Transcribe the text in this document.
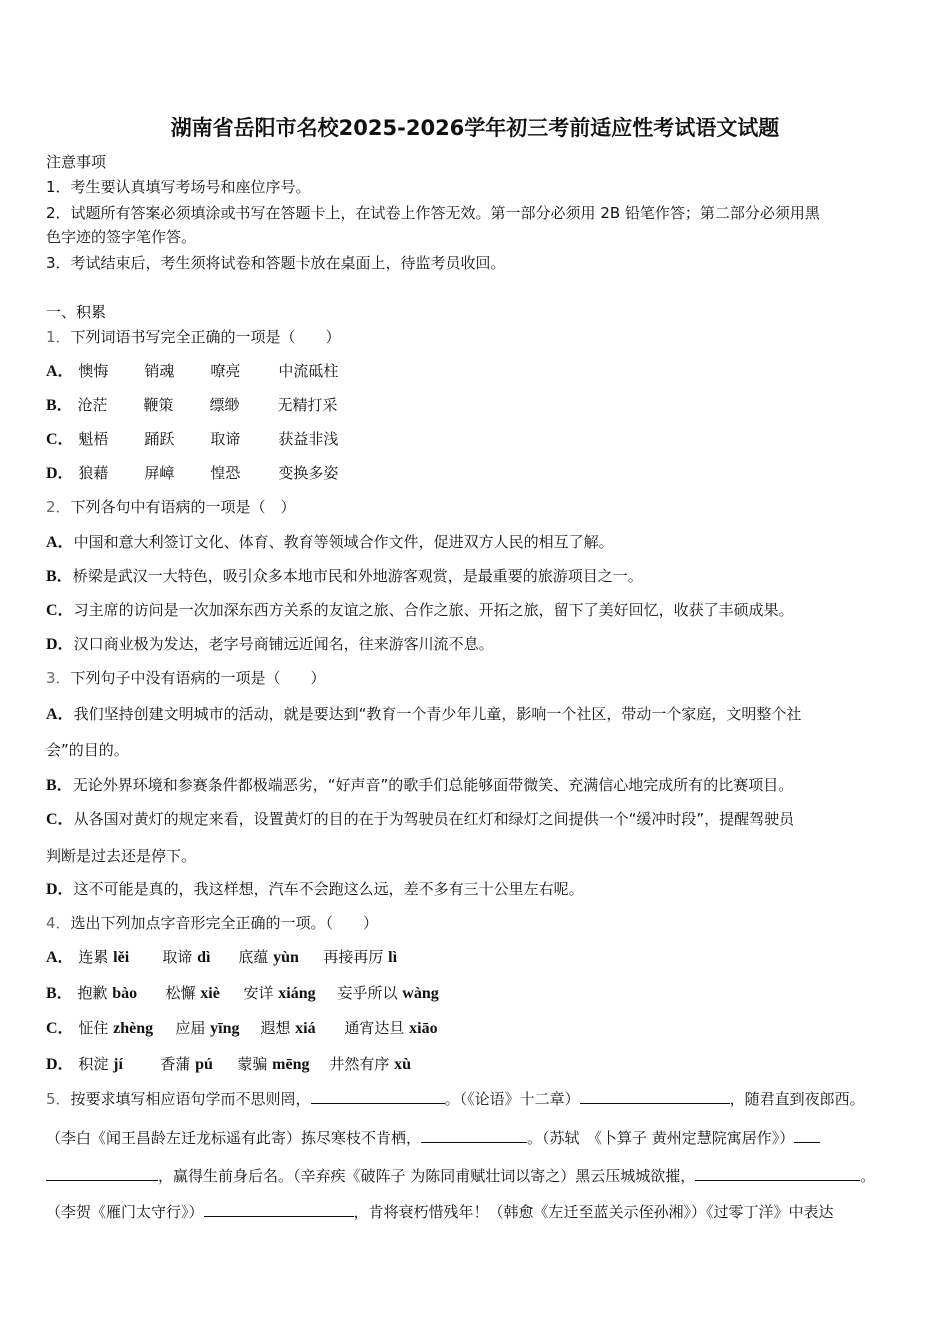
湖南省岳阳市名校2025-2026学年初三考前适应性考试语文试题
注意事项
1．考生要认真填写考场号和座位序号。
2．试题所有答案必须填涂或书写在答题卡上，在试卷上作答无效。第一部分必须用 2B 铅笔作答；第二部分必须用黑
色字迹的签字笔作答。
3．考试结束后，考生须将试卷和答题卡放在桌面上，待监考员收回。
一、积累
1．下列词语书写完全正确的一项是（　　）
A． 懊悔 销魂 嘹亮	中流砥柱
B． 沧茫 鞭策 缥缈	无精打采
C． 魁梧 踊跃 取谛	获益非浅
D． 狼藉 屏嶂 惶恐	变换多姿
2．下列各句中有语病的一项是（　）
A．中国和意大利签订文化、体育、教育等领域合作文件，促进双方人民的相互了解。
B．桥梁是武汉一大特色，吸引众多本地市民和外地游客观赏，是最重要的旅游项目之一。
C．习主席的访问是一次加深东西方关系的友谊之旅、合作之旅、开拓之旅，留下了美好回忆，收获了丰硕成果。
D．汉口商业极为发达，老字号商铺远近闻名，往来游客川流不息。
3．下列句子中没有语病的一项是（　　）
A．我们坚持创建文明城市的活动，就是要达到“教育一个青少年儿童，影响一个社区，带动一个家庭，文明整个社
会”的目的。
B．无论外界环境和参赛条件都极端恶劣，“好声音”的歌手们总能够面带微笑、充满信心地完成所有的比赛项目。
C．从各国对黄灯的规定来看，设置黄灯的目的在于为驾驶员在红灯和绿灯之间提供一个“缓冲时段”，提醒驾驶员
判断是过去还是停下。
D．这不可能是真的，我这样想，汽车不会跑这么远，差不多有三十公里左右呢。
4．选出下列加点字音形完全正确的一项。（　　）
A． 连累 lěi 取谛 dì 底蕴 yùn 再接再厉 lì
B． 抱歉 bào 松懈 xiè 安详 xiáng 妄乎所以 wàng
C． 怔住 zhèng 应届 yīng 遐想 xiá 通宵达旦 xiāo
D． 积淀 jí 香蒲 pú 蒙骗 mēng 井然有序 xù
5．按要求填写相应语句学而不思则罔，	。（《论语》十二章）	，随君直到夜郎西。
（李白《闻王昌龄左迁龙标遥有此寄）拣尽寒枝不肯栖，	。（苏轼　《卜算子 黄州定慧院寓居作》）
，赢得生前身后名。（辛弃疾《破阵子 为陈同甫赋壮词以寄之）黑云压城城欲摧，	。
（李贺《雁门太守行》）	，肯将衰朽惜残年！（韩愈《左迁至蓝关示侄孙湘》）《过零丁洋》中表达
